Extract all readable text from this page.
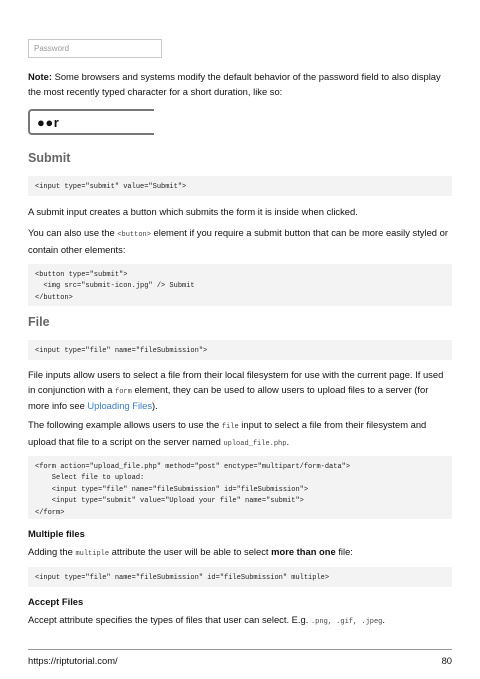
Password

Note: Some browsers and systems modify the default behavior of the password field to also display the most recently typed character for a short duration, like so:

●●r
Submit
<input type="submit" value="Submit">

A submit input creates a button which submits the form it is inside when clicked.

You can also use the <button> element if you require a submit button that can be more easily styled or contain other elements:

<button type="submit">
<img src="submit-icon.jpg" /> Submit
</button>
File
<input type="file" name="fileSubmission">

File inputs allow users to select a file from their local filesystem for use with the current page. If used in conjunction with a form element, they can be used to allow users to upload files to a server (for more info see Uploading Files).

The following example allows users to use the file input to select a file from their filesystem and upload that file to a script on the server named upload_file.php.

<form action="upload_file.php" method="post" enctype="multipart/form-data">
Select file to upload:
<input type="file" name="fileSubmission" id="fileSubmission">
<input type="submit" value="Upload your file" name="submit">
</form>
Multiple files

Adding the multiple attribute the user will be able to select more than one file:

<input type="file" name="fileSubmission" id="fileSubmission" multiple>
Accept Files

Accept attribute specifies the types of files that user can select. E.g. .png, .gif, .jpeg.

https://riptutorial.com/	80
